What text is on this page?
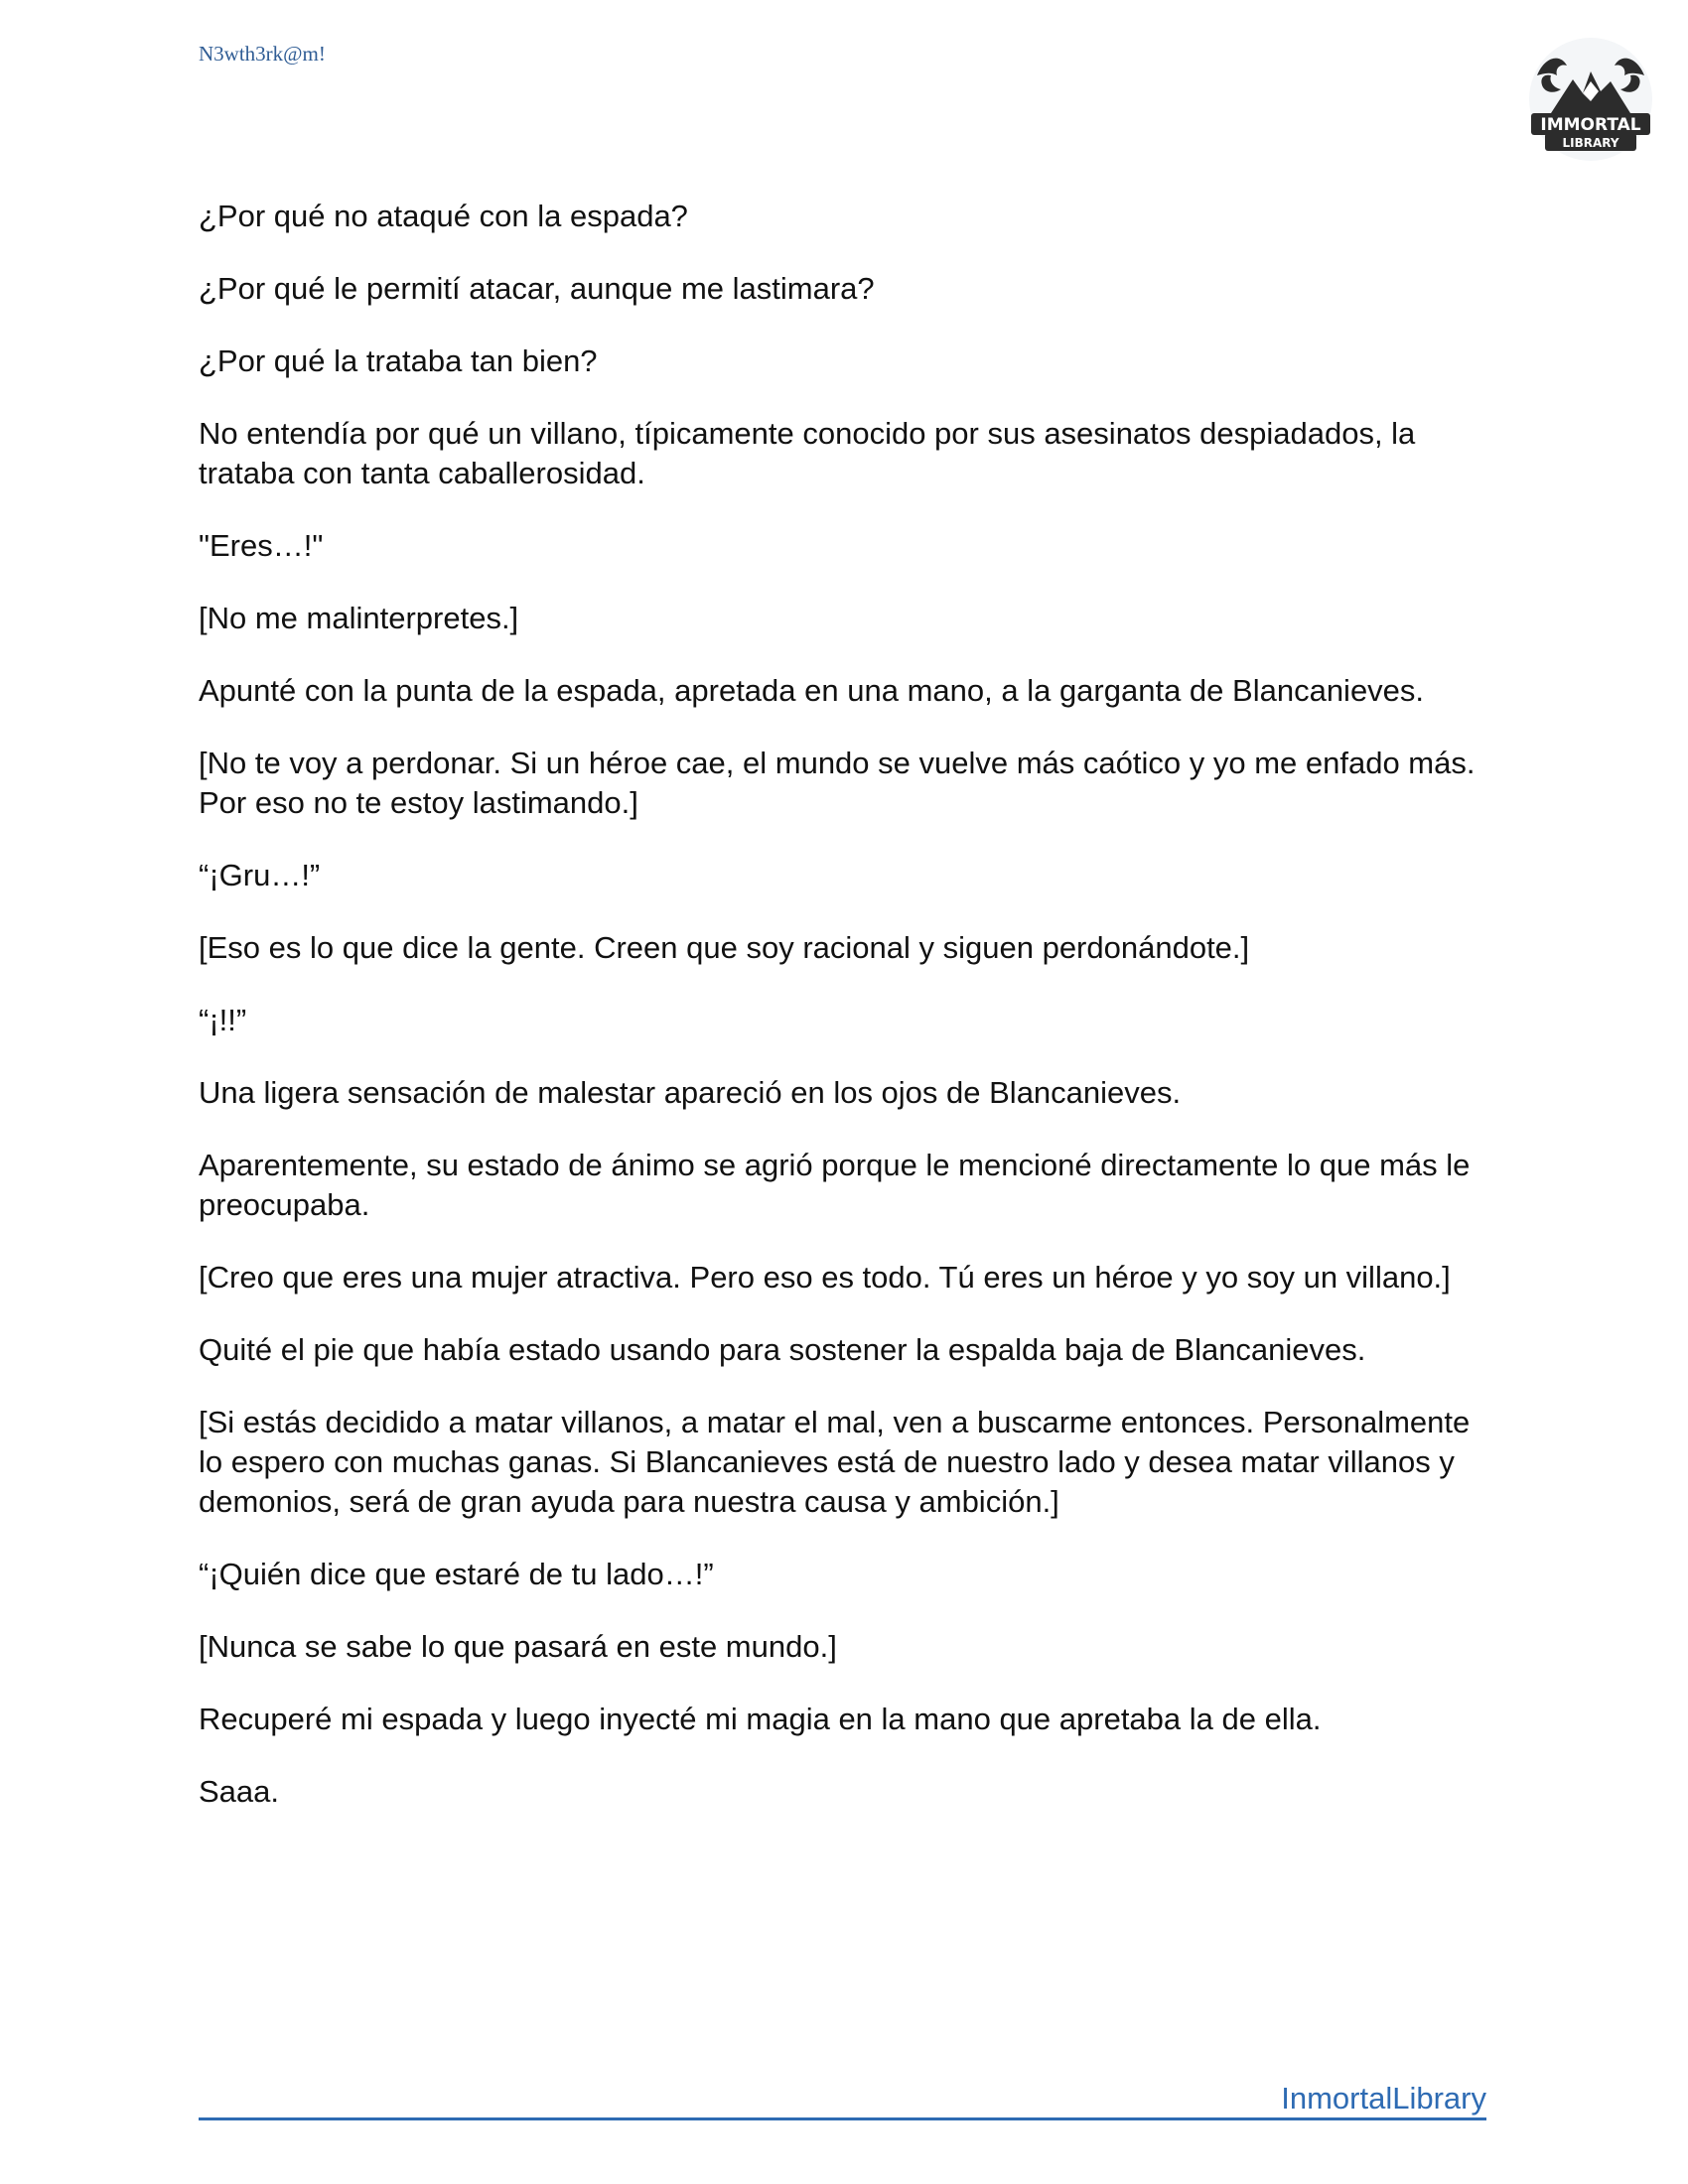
N3wth3rk@m!
IMMORTAL
LIBRARY

¿Por qué no ataqué con la espada?

¿Por qué le permití atacar, aunque me lastimara?

¿Por qué la trataba tan bien?

No entendía por qué un villano, típicamente conocido por sus asesinatos despiadados, la trataba con tanta caballerosidad.

"Eres…!"

[No me malinterpretes.]

Apunté con la punta de la espada, apretada en una mano, a la garganta de Blancanieves.

[No te voy a perdonar. Si un héroe cae, el mundo se vuelve más caótico y yo me enfado más. Por eso no te estoy lastimando.]

“¡Gru…!”

[Eso es lo que dice la gente. Creen que soy racional y siguen perdonándote.]

“¡!!”

Una ligera sensación de malestar apareció en los ojos de Blancanieves.

Aparentemente, su estado de ánimo se agrió porque le mencioné directamente lo que más le preocupaba.

[Creo que eres una mujer atractiva. Pero eso es todo. Tú eres un héroe y yo soy un villano.]

Quité el pie que había estado usando para sostener la espalda baja de Blancanieves.

[Si estás decidido a matar villanos, a matar el mal, ven a buscarme entonces. Personalmente lo espero con muchas ganas. Si Blancanieves está de nuestro lado y desea matar villanos y demonios, será de gran ayuda para nuestra causa y ambición.]

“¡Quién dice que estaré de tu lado…!”

[Nunca se sabe lo que pasará en este mundo.]

Recuperé mi espada y luego inyecté mi magia en la mano que apretaba la de ella.

Saaa.

InmortalLibrary
